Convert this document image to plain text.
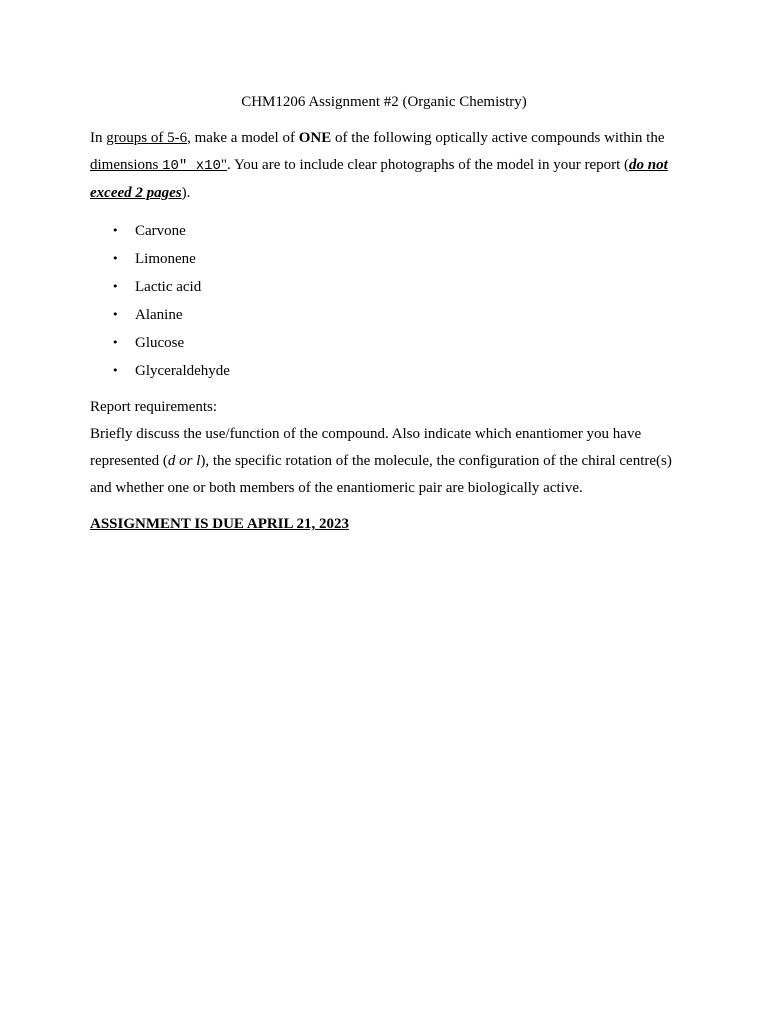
CHM1206 Assignment #2 (Organic Chemistry)
In groups of 5-6, make a model of ONE of the following optically active compounds within the dimensions 10" x10". You are to include clear photographs of the model in your report (do not exceed 2 pages).
• Carvone
• Limonene
• Lactic acid
• Alanine
• Glucose
• Glyceraldehyde
Report requirements:
Briefly discuss the use/function of the compound. Also indicate which enantiomer you have represented (d or l), the specific rotation of the molecule, the configuration of the chiral centre(s) and whether one or both members of the enantiomeric pair are biologically active.
ASSIGNMENT IS DUE APRIL 21, 2023
